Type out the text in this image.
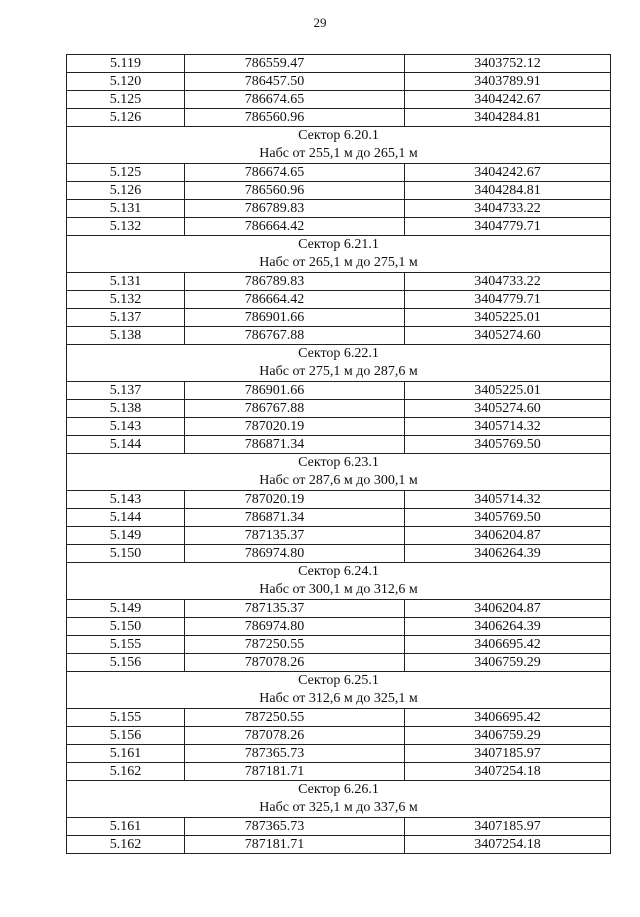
29
5.119	786559.47	3403752.12
5.120	786457.50	3403789.91
5.125	786674.65	3404242.67
5.126	786560.96	3404284.81
Сектор 6.20.1		
Набс от 255,1 м до 265,1 м		
5.125	786674.65	3404242.67
5.126	786560.96	3404284.81
5.131	786789.83	3404733.22
5.132	786664.42	3404779.71
Сектор 6.21.1		
Набс от 265,1 м до 275,1 м		
5.131	786789.83	3404733.22
5.132	786664.42	3404779.71
5.137	786901.66	3405225.01
5.138	786767.88	3405274.60
Сектор 6.22.1		
Набс от 275,1 м до 287,6 м		
5.137	786901.66	3405225.01
5.138	786767.88	3405274.60
5.143	787020.19	3405714.32
5.144	786871.34	3405769.50
Сектор 6.23.1		
Набс от 287,6 м до 300,1 м		
5.143	787020.19	3405714.32
5.144	786871.34	3405769.50
5.149	787135.37	3406204.87
5.150	786974.80	3406264.39
Сектор 6.24.1		
Набс от 300,1 м до 312,6 м		
5.149	787135.37	3406204.87
5.150	786974.80	3406264.39
5.155	787250.55	3406695.42
5.156	787078.26	3406759.29
Сектор 6.25.1		
Набс от 312,6 м до 325,1 м		
5.155	787250.55	3406695.42
5.156	787078.26	3406759.29
5.161	787365.73	3407185.97
5.162	787181.71	3407254.18
Сектор 6.26.1		
Набс от 325,1 м до 337,6 м		
5.161	787365.73	3407185.97
5.162	787181.71	3407254.18
